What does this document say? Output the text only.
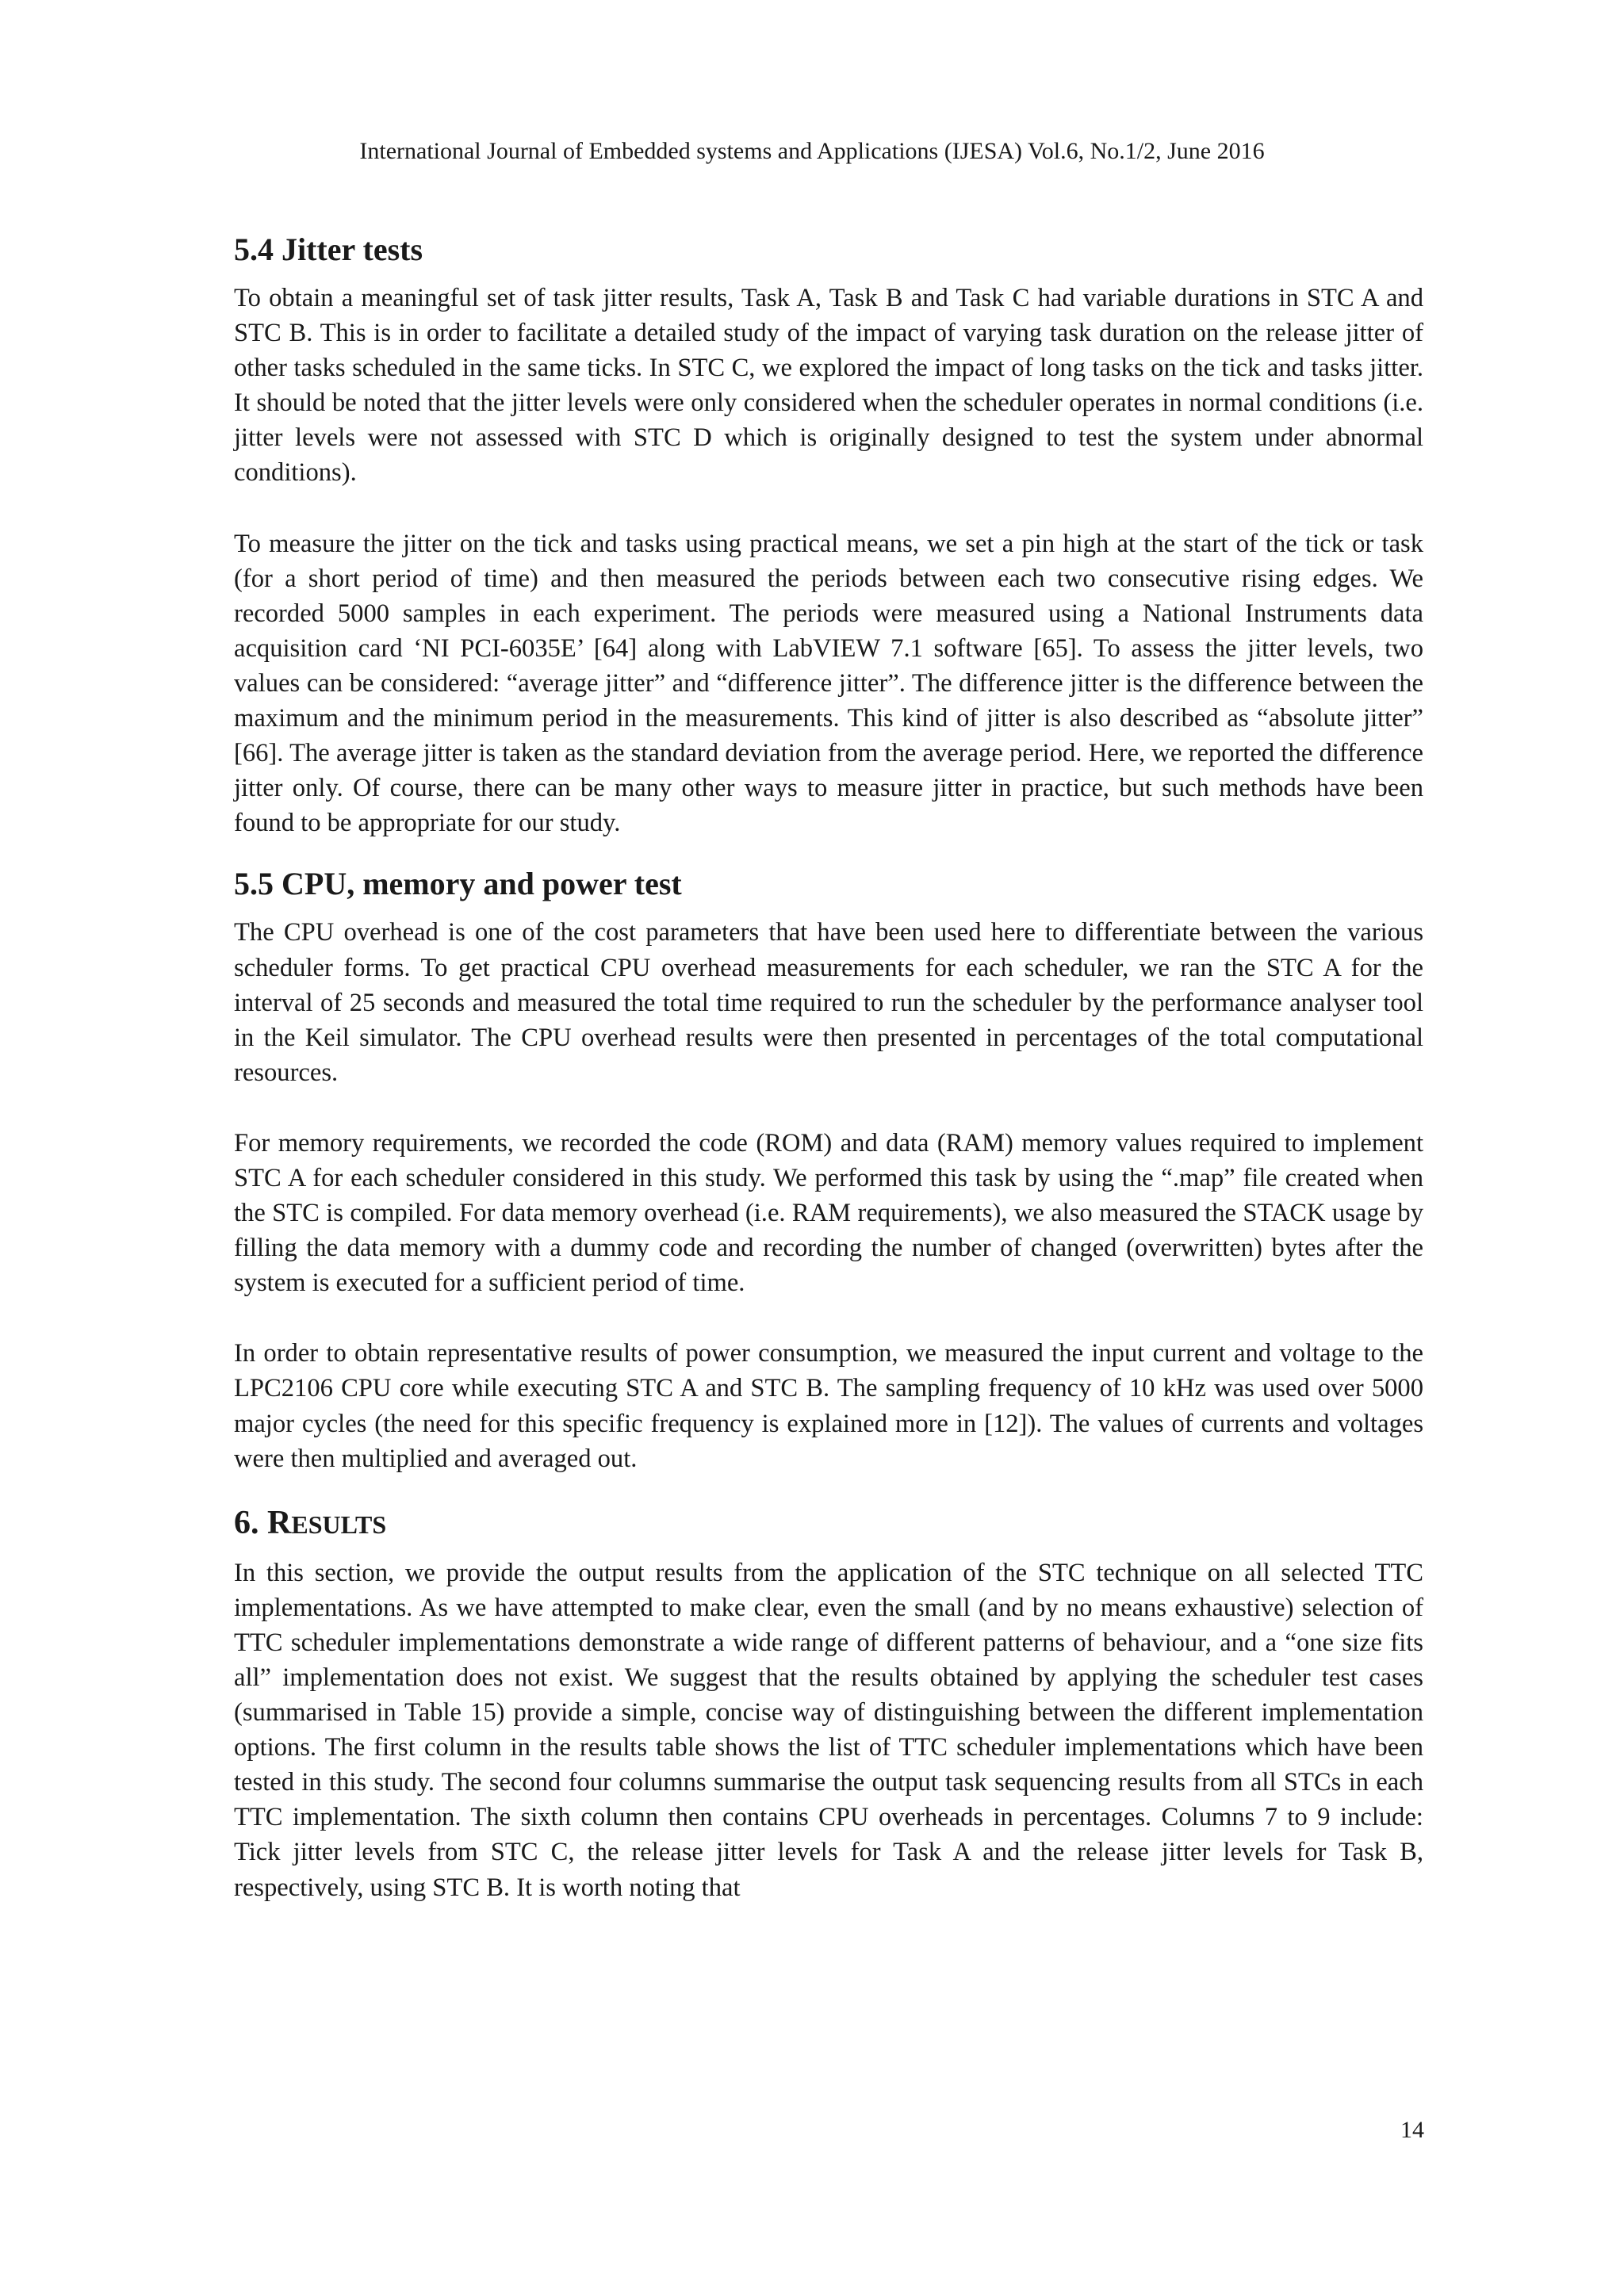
International Journal of Embedded systems and Applications (IJESA) Vol.6, No.1/2, June 2016
5.4 Jitter tests

To obtain a meaningful set of task jitter results, Task A, Task B and Task C had variable durations in STC A and STC B. This is in order to facilitate a detailed study of the impact of varying task duration on the release jitter of other tasks scheduled in the same ticks. In STC C, we explored the impact of long tasks on the tick and tasks jitter. It should be noted that the jitter levels were only considered when the scheduler operates in normal conditions (i.e. jitter levels were not assessed with STC D which is originally designed to test the system under abnormal conditions).

To measure the jitter on the tick and tasks using practical means, we set a pin high at the start of the tick or task (for a short period of time) and then measured the periods between each two consecutive rising edges. We recorded 5000 samples in each experiment. The periods were measured using a National Instruments data acquisition card ‘NI PCI-6035E’ [64] along with LabVIEW 7.1 software [65]. To assess the jitter levels, two values can be considered: “average jitter” and “difference jitter”. The difference jitter is the difference between the maximum and the minimum period in the measurements. This kind of jitter is also described as “absolute jitter” [66]. The average jitter is taken as the standard deviation from the average period. Here, we reported the difference jitter only. Of course, there can be many other ways to measure jitter in practice, but such methods have been found to be appropriate for our study.

5.5 CPU, memory and power test

The CPU overhead is one of the cost parameters that have been used here to differentiate between the various scheduler forms. To get practical CPU overhead measurements for each scheduler, we ran the STC A for the interval of 25 seconds and measured the total time required to run the scheduler by the performance analyser tool in the Keil simulator. The CPU overhead results were then presented in percentages of the total computational resources.

For memory requirements, we recorded the code (ROM) and data (RAM) memory values required to implement STC A for each scheduler considered in this study. We performed this task by using the “.map” file created when the STC is compiled. For data memory overhead (i.e. RAM requirements), we also measured the STACK usage by filling the data memory with a dummy code and recording the number of changed (overwritten) bytes after the system is executed for a sufficient period of time.

In order to obtain representative results of power consumption, we measured the input current and voltage to the LPC2106 CPU core while executing STC A and STC B. The sampling frequency of 10 kHz was used over 5000 major cycles (the need for this specific frequency is explained more in [12]). The values of currents and voltages were then multiplied and averaged out.

6. RESULTS

In this section, we provide the output results from the application of the STC technique on all selected TTC implementations. As we have attempted to make clear, even the small (and by no means exhaustive) selection of TTC scheduler implementations demonstrate a wide range of different patterns of behaviour, and a “one size fits all” implementation does not exist. We suggest that the results obtained by applying the scheduler test cases (summarised in Table 15) provide a simple, concise way of distinguishing between the different implementation options. The first column in the results table shows the list of TTC scheduler implementations which have been tested in this study. The second four columns summarise the output task sequencing results from all STCs in each TTC implementation. The sixth column then contains CPU overheads in percentages. Columns 7 to 9 include: Tick jitter levels from STC C, the release jitter levels for Task A and the release jitter levels for Task B, respectively, using STC B. It is worth noting that

14
